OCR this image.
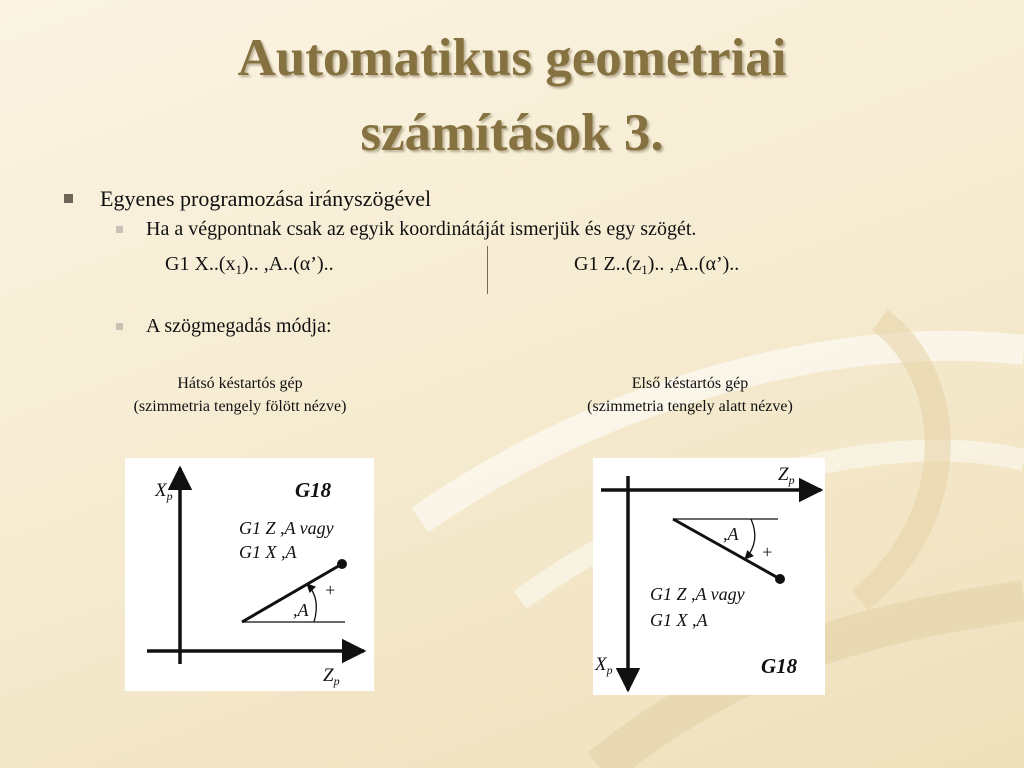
Automatikus geometriai
számítások 3.
Egyenes programozása irányszögével
Ha a végpontnak csak az egyik koordinátáját ismerjük és egy szögét.
G1 $X..(x_1)$.. ,A..(α’)..	G1 $Z..(z_1)$.. ,A..(α’)..
A szögmegadás módja:
Hátsó késtartós gép
(szimmetria tengely fölött nézve)
Első késtartós gép
(szimmetria tengely alatt nézve)
$X_p$
$Z_p$
G18
G1 Z ,A vagy
G1 X ,A
,A
+
$Z_p$
$X_p$
,A
+
G1 Z ,A vagy
G1 X ,A
G18
